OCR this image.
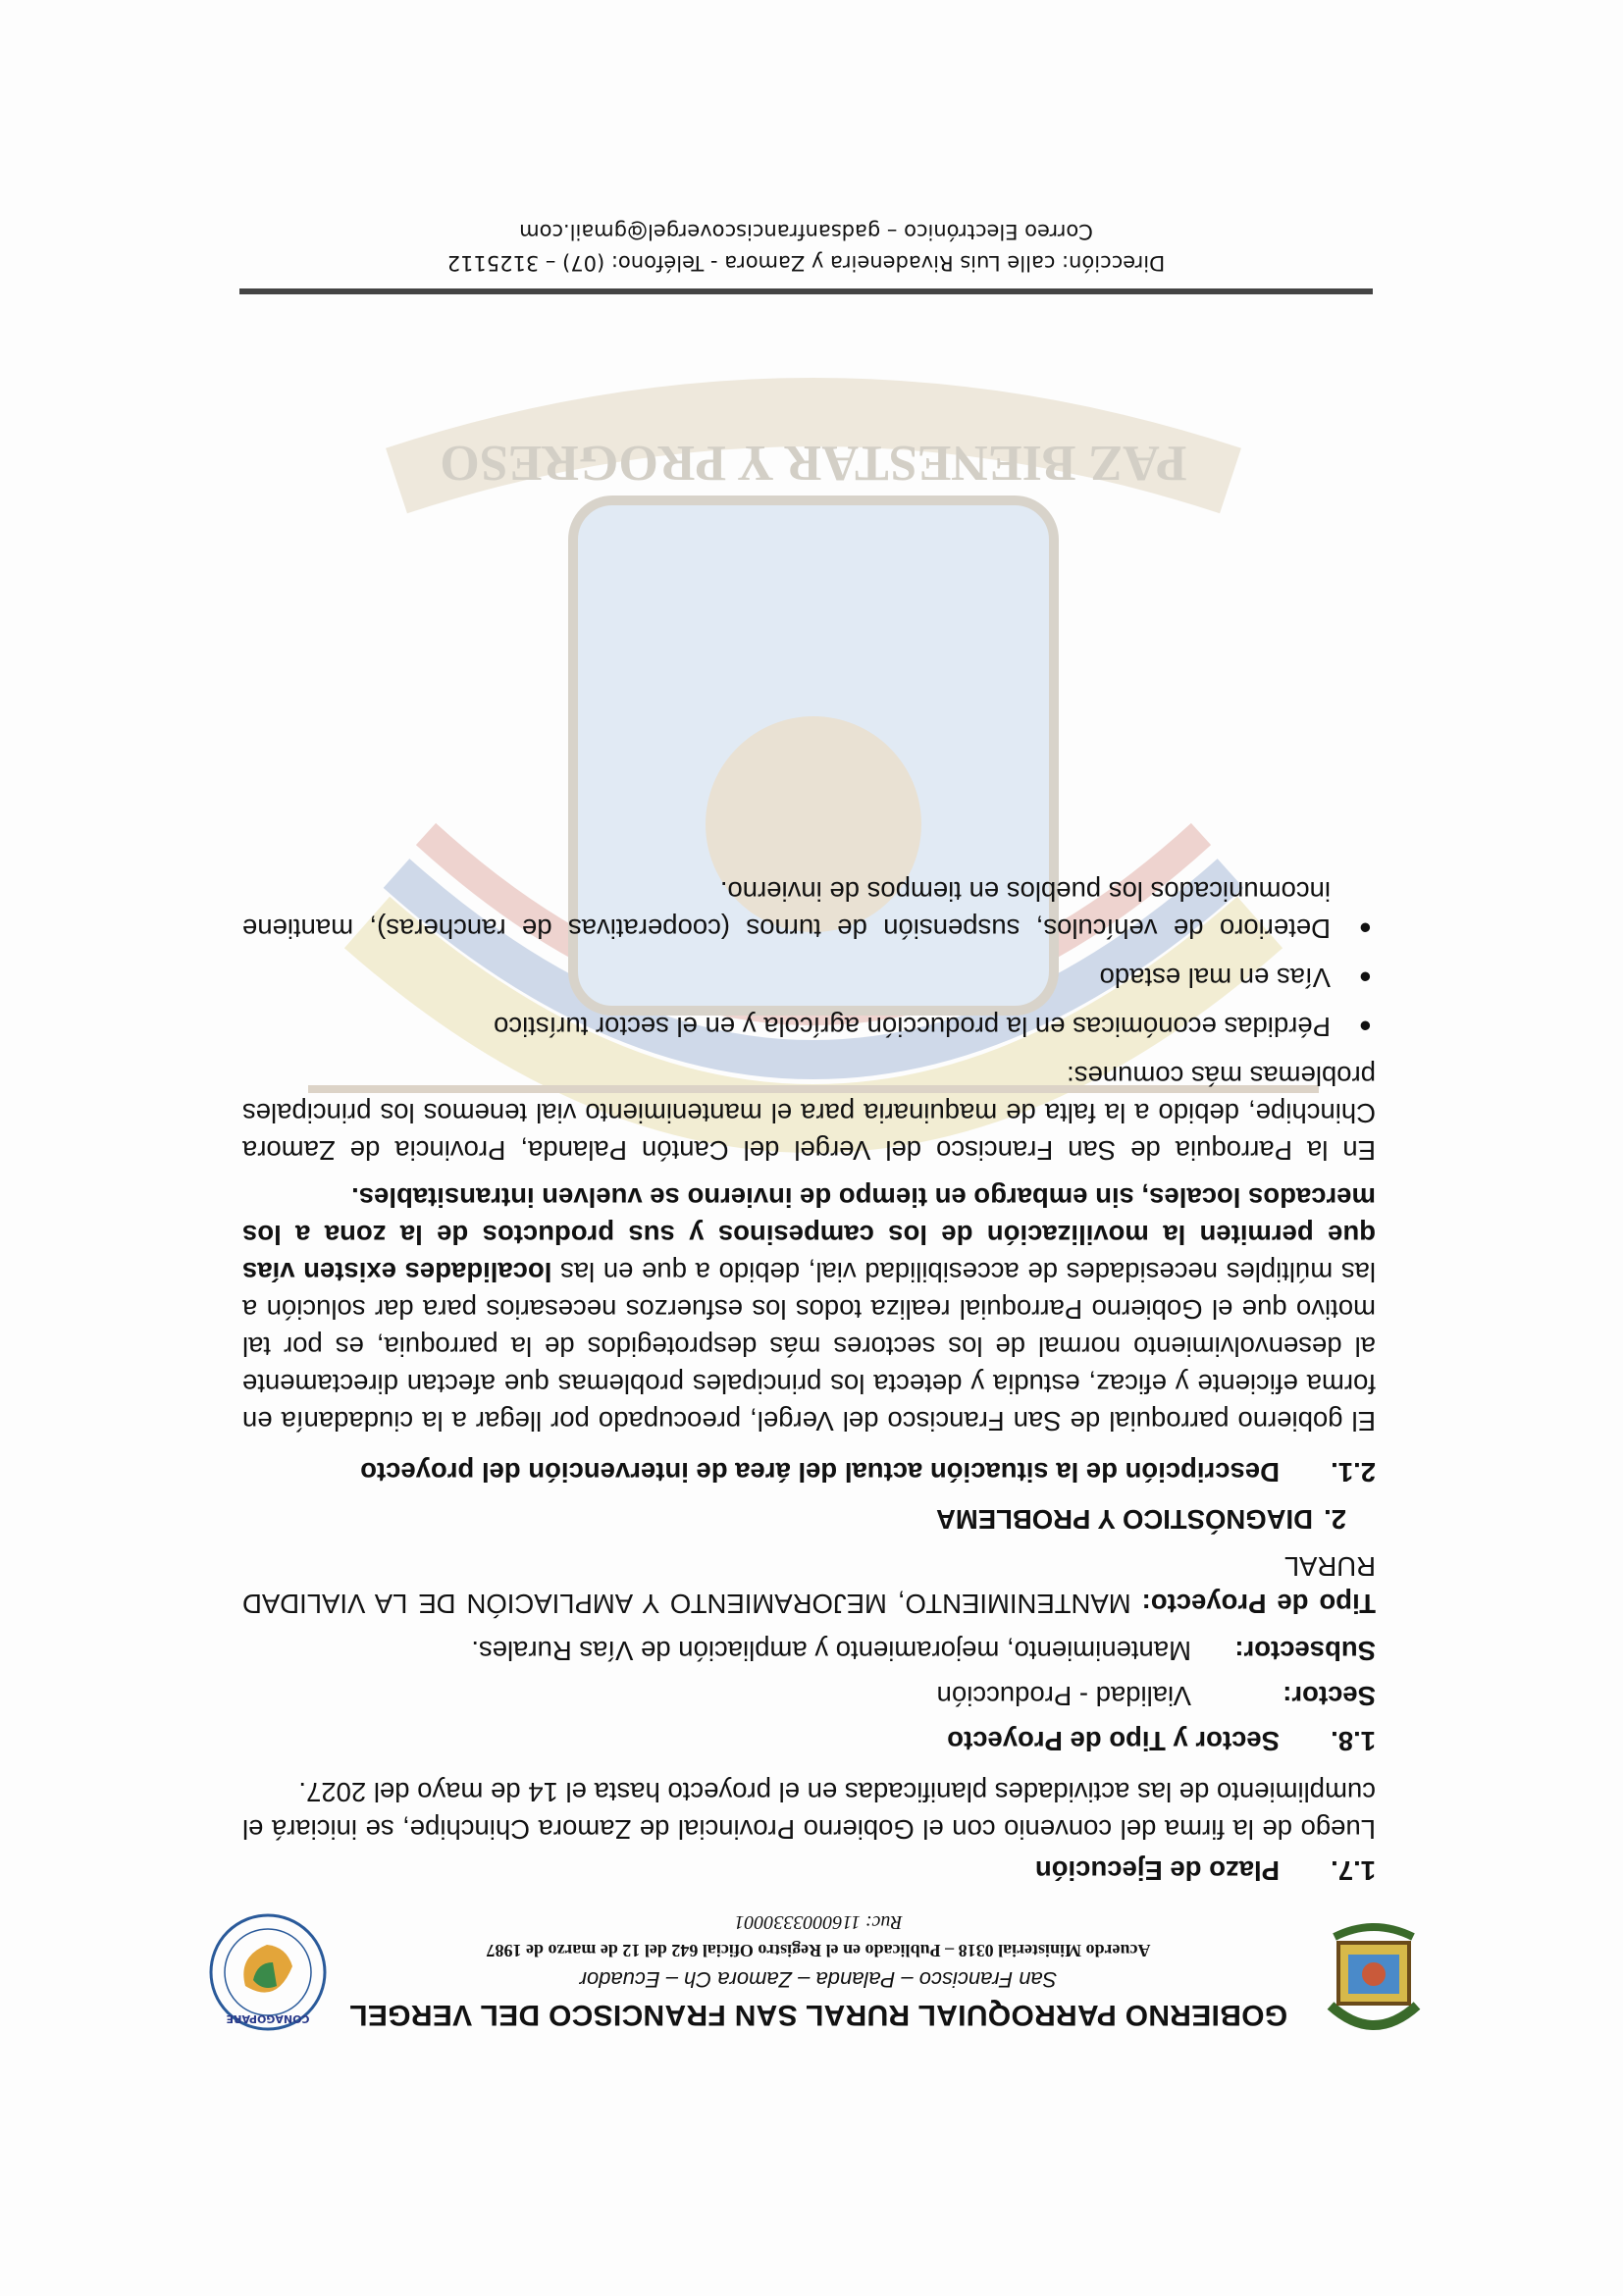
PAZ BIENESTAR Y PROGRESO
GOBIERNO PARROQUIAL RURAL SAN FRANCISCO DEL VERGEL
San Francisco – Palanda – Zamora Ch – Ecuador
Acuerdo Ministerial 0318 – Publicado en el Registro Oficial 642 del 12 de marzo de 1987
Ruc: 1160003330001
CONAGOPARE
1.7.
Plazo de Ejecución

Luego de la firma del convenio con el Gobierno Provincial de Zamora Chinchipe, se iniciará el cumplimiento de las actividades planificadas en el proyecto hasta el 14 de mayo del 2027.

1.8.
Sector y Tipo de Proyecto
Sector:
Vialidad - Producción
Subsector:
Mantenimiento, mejoramiento y ampliación de Vías Rurales.
Tipo de Proyecto: MANTENIMIENTO, MEJORAMIENTO Y AMPLIACIÓN DE LA VIALIDAD RURAL
2.
DIAGNÓSTICO Y PROBLEMA
2.1.
Descripción de la situación actual del área de intervención del proyecto

El gobierno parroquial de San Francisco del Vergel, preocupado por llegar a la ciudadanía en forma eficiente y eficaz, estudia y detecta los principales problemas que afectan directamente al desenvolvimiento normal de los sectores más desprotegidos de la parroquia, es por tal motivo que el Gobierno Parroquial realiza todos los esfuerzos necesarios para dar solución a las múltiples necesidades de accesibilidad vial, debido a que en las localidades existen vías que permiten la movilización de los campesinos y sus productos de la zona a los mercados locales, sin embargo en tiempo de invierno se vuelven intransitables.

En la Parroquia de San Francisco del Vergel del Cantón Palanda, Provincia de Zamora Chinchipe, debido a la falta de maquinaria para el mantenimiento vial tenemos los principales problemas más comunes:

●
Pérdidas económicas en la producción agrícola y en el sector turístico
●
Vías en mal estado
●
Deterioro de vehículos, suspensión de turnos (cooperativas de rancheras), mantiene incomunicados los pueblos en tiempos de invierno.
Dirección: calle Luis Rivadeneira y Zamora - Teléfono: (07) – 3125112
Correo Electrónico – gadsanfranciscovergel@gmail.com
